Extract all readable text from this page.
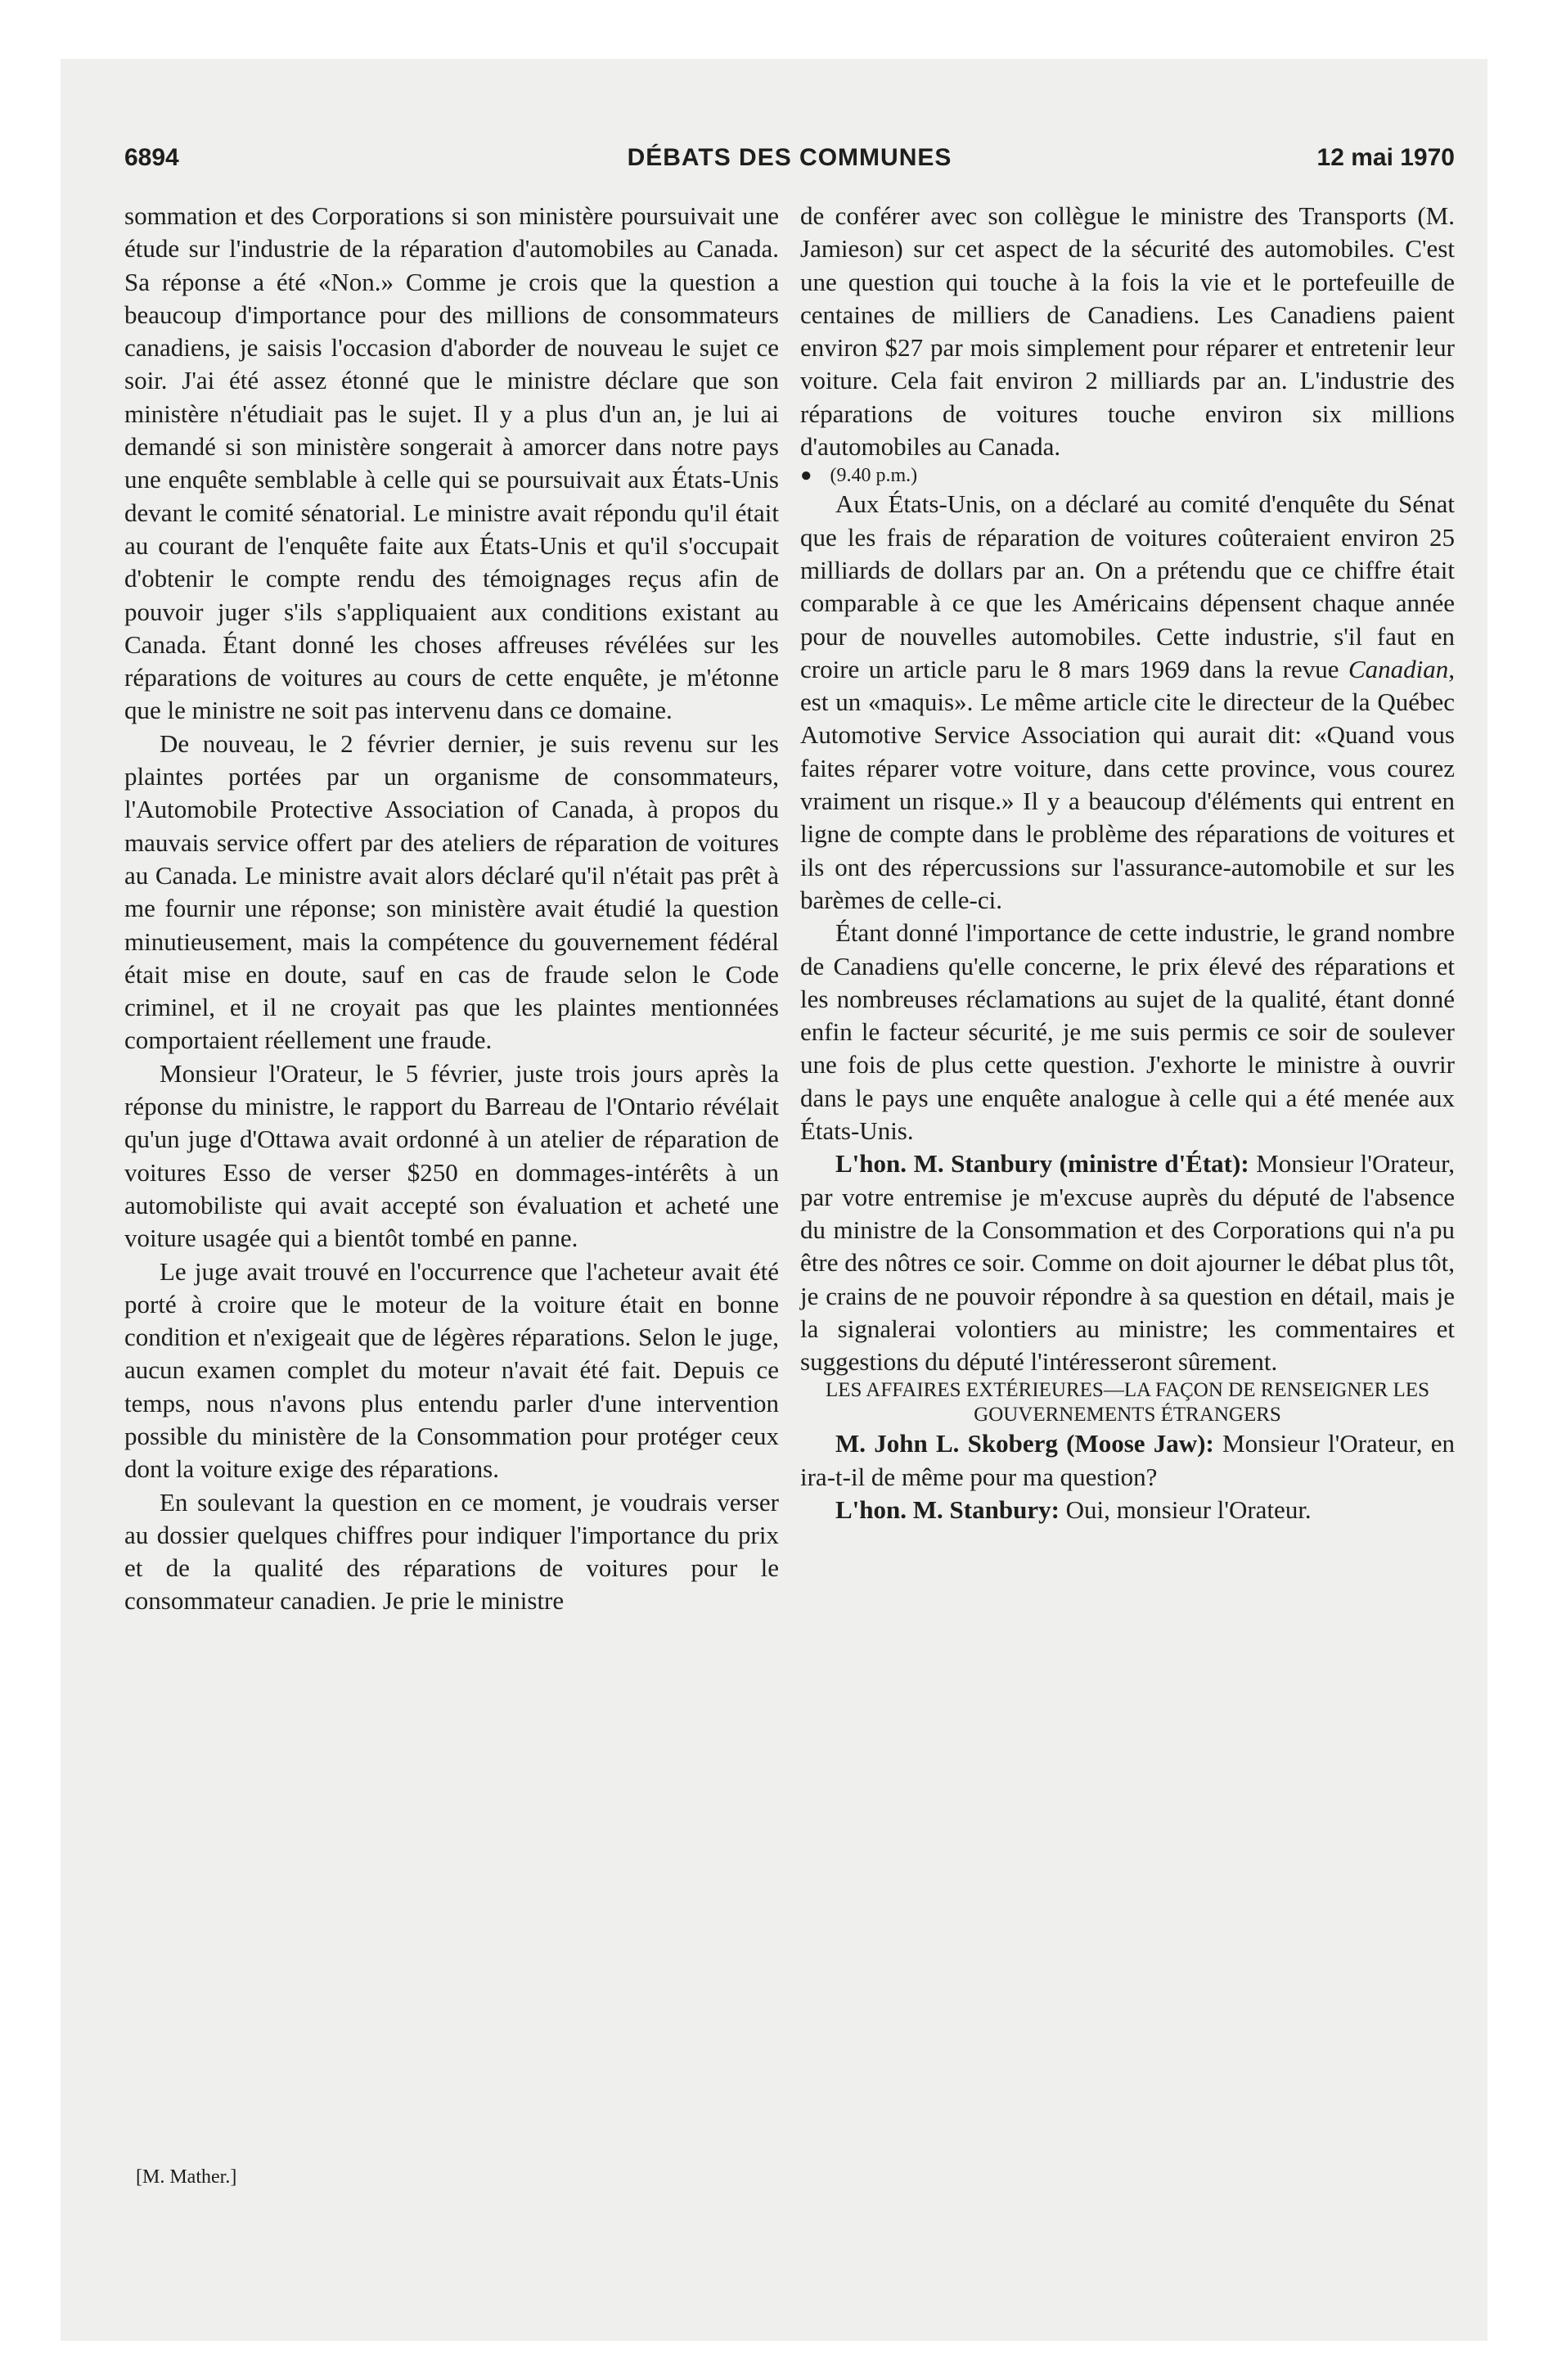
DÉBATS DES COMMUNES
6894	12 mai 1970

sommation et des Corporations si son ministère poursuivait une étude sur l'industrie de la réparation d'automobiles au Canada. Sa réponse a été «Non.» Comme je crois que la question a beaucoup d'importance pour des millions de consommateurs canadiens, je saisis l'occasion d'aborder de nouveau le sujet ce soir. J'ai été assez étonné que le ministre déclare que son ministère n'étudiait pas le sujet. Il y a plus d'un an, je lui ai demandé si son ministère songerait à amorcer dans notre pays une enquête semblable à celle qui se poursuivait aux États-Unis devant le comité sénatorial. Le ministre avait répondu qu'il était au courant de l'enquête faite aux États-Unis et qu'il s'occupait d'obtenir le compte rendu des témoignages reçus afin de pouvoir juger s'ils s'appliquaient aux conditions existant au Canada. Étant donné les choses affreuses révélées sur les réparations de voitures au cours de cette enquête, je m'étonne que le ministre ne soit pas intervenu dans ce domaine.

De nouveau, le 2 février dernier, je suis revenu sur les plaintes portées par un organisme de consommateurs, l'Automobile Protective Association of Canada, à propos du mauvais service offert par des ateliers de réparation de voitures au Canada. Le ministre avait alors déclaré qu'il n'était pas prêt à me fournir une réponse; son ministère avait étudié la question minutieusement, mais la compétence du gouvernement fédéral était mise en doute, sauf en cas de fraude selon le Code criminel, et il ne croyait pas que les plaintes mentionnées comportaient réellement une fraude.

Monsieur l'Orateur, le 5 février, juste trois jours après la réponse du ministre, le rapport du Barreau de l'Ontario révélait qu'un juge d'Ottawa avait ordonné à un atelier de réparation de voitures Esso de verser $250 en dommages-intérêts à un automobiliste qui avait accepté son évaluation et acheté une voiture usagée qui a bientôt tombé en panne.

Le juge avait trouvé en l'occurrence que l'acheteur avait été porté à croire que le moteur de la voiture était en bonne condition et n'exigeait que de légères réparations. Selon le juge, aucun examen complet du moteur n'avait été fait. Depuis ce temps, nous n'avons plus entendu parler d'une intervention possible du ministère de la Consommation pour protéger ceux dont la voiture exige des réparations.

En soulevant la question en ce moment, je voudrais verser au dossier quelques chiffres pour indiquer l'importance du prix et de la qualité des réparations de voitures pour le consommateur canadien. Je prie le ministre

[M. Mather.]

de conférer avec son collègue le ministre des Transports (M. Jamieson) sur cet aspect de la sécurité des automobiles. C'est une question qui touche à la fois la vie et le portefeuille de centaines de milliers de Canadiens. Les Canadiens paient environ $27 par mois simplement pour réparer et entretenir leur voiture. Cela fait environ 2 milliards par an. L'industrie des réparations de voitures touche environ six millions d'automobiles au Canada.

● (9.40 p.m.)

Aux États-Unis, on a déclaré au comité d'enquête du Sénat que les frais de réparation de voitures coûteraient environ 25 milliards de dollars par an. On a prétendu que ce chiffre était comparable à ce que les Américains dépensent chaque année pour de nouvelles automobiles. Cette industrie, s'il faut en croire un article paru le 8 mars 1969 dans la revue Canadian, est un «maquis». Le même article cite le directeur de la Québec Automotive Service Association qui aurait dit: «Quand vous faites réparer votre voiture, dans cette province, vous courez vraiment un risque.» Il y a beaucoup d'éléments qui entrent en ligne de compte dans le problème des réparations de voitures et ils ont des répercussions sur l'assurance-automobile et sur les barèmes de celle-ci.

Étant donné l'importance de cette industrie, le grand nombre de Canadiens qu'elle concerne, le prix élevé des réparations et les nombreuses réclamations au sujet de la qualité, étant donné enfin le facteur sécurité, je me suis permis ce soir de soulever une fois de plus cette question. J'exhorte le ministre à ouvrir dans le pays une enquête analogue à celle qui a été menée aux États-Unis.

L'hon. M. Stanbury (ministre d'État): Monsieur l'Orateur, par votre entremise je m'excuse auprès du député de l'absence du ministre de la Consommation et des Corporations qui n'a pu être des nôtres ce soir. Comme on doit ajourner le débat plus tôt, je crains de ne pouvoir répondre à sa question en détail, mais je la signalerai volontiers au ministre; les commentaires et suggestions du député l'intéresseront sûrement.

LES AFFAIRES EXTÉRIEURES—LA FAÇON DE RENSEIGNER LES GOUVERNEMENTS ÉTRANGERS

M. John L. Skoberg (Moose Jaw): Monsieur l'Orateur, en ira-t-il de même pour ma question?

L'hon. M. Stanbury: Oui, monsieur l'Orateur.
